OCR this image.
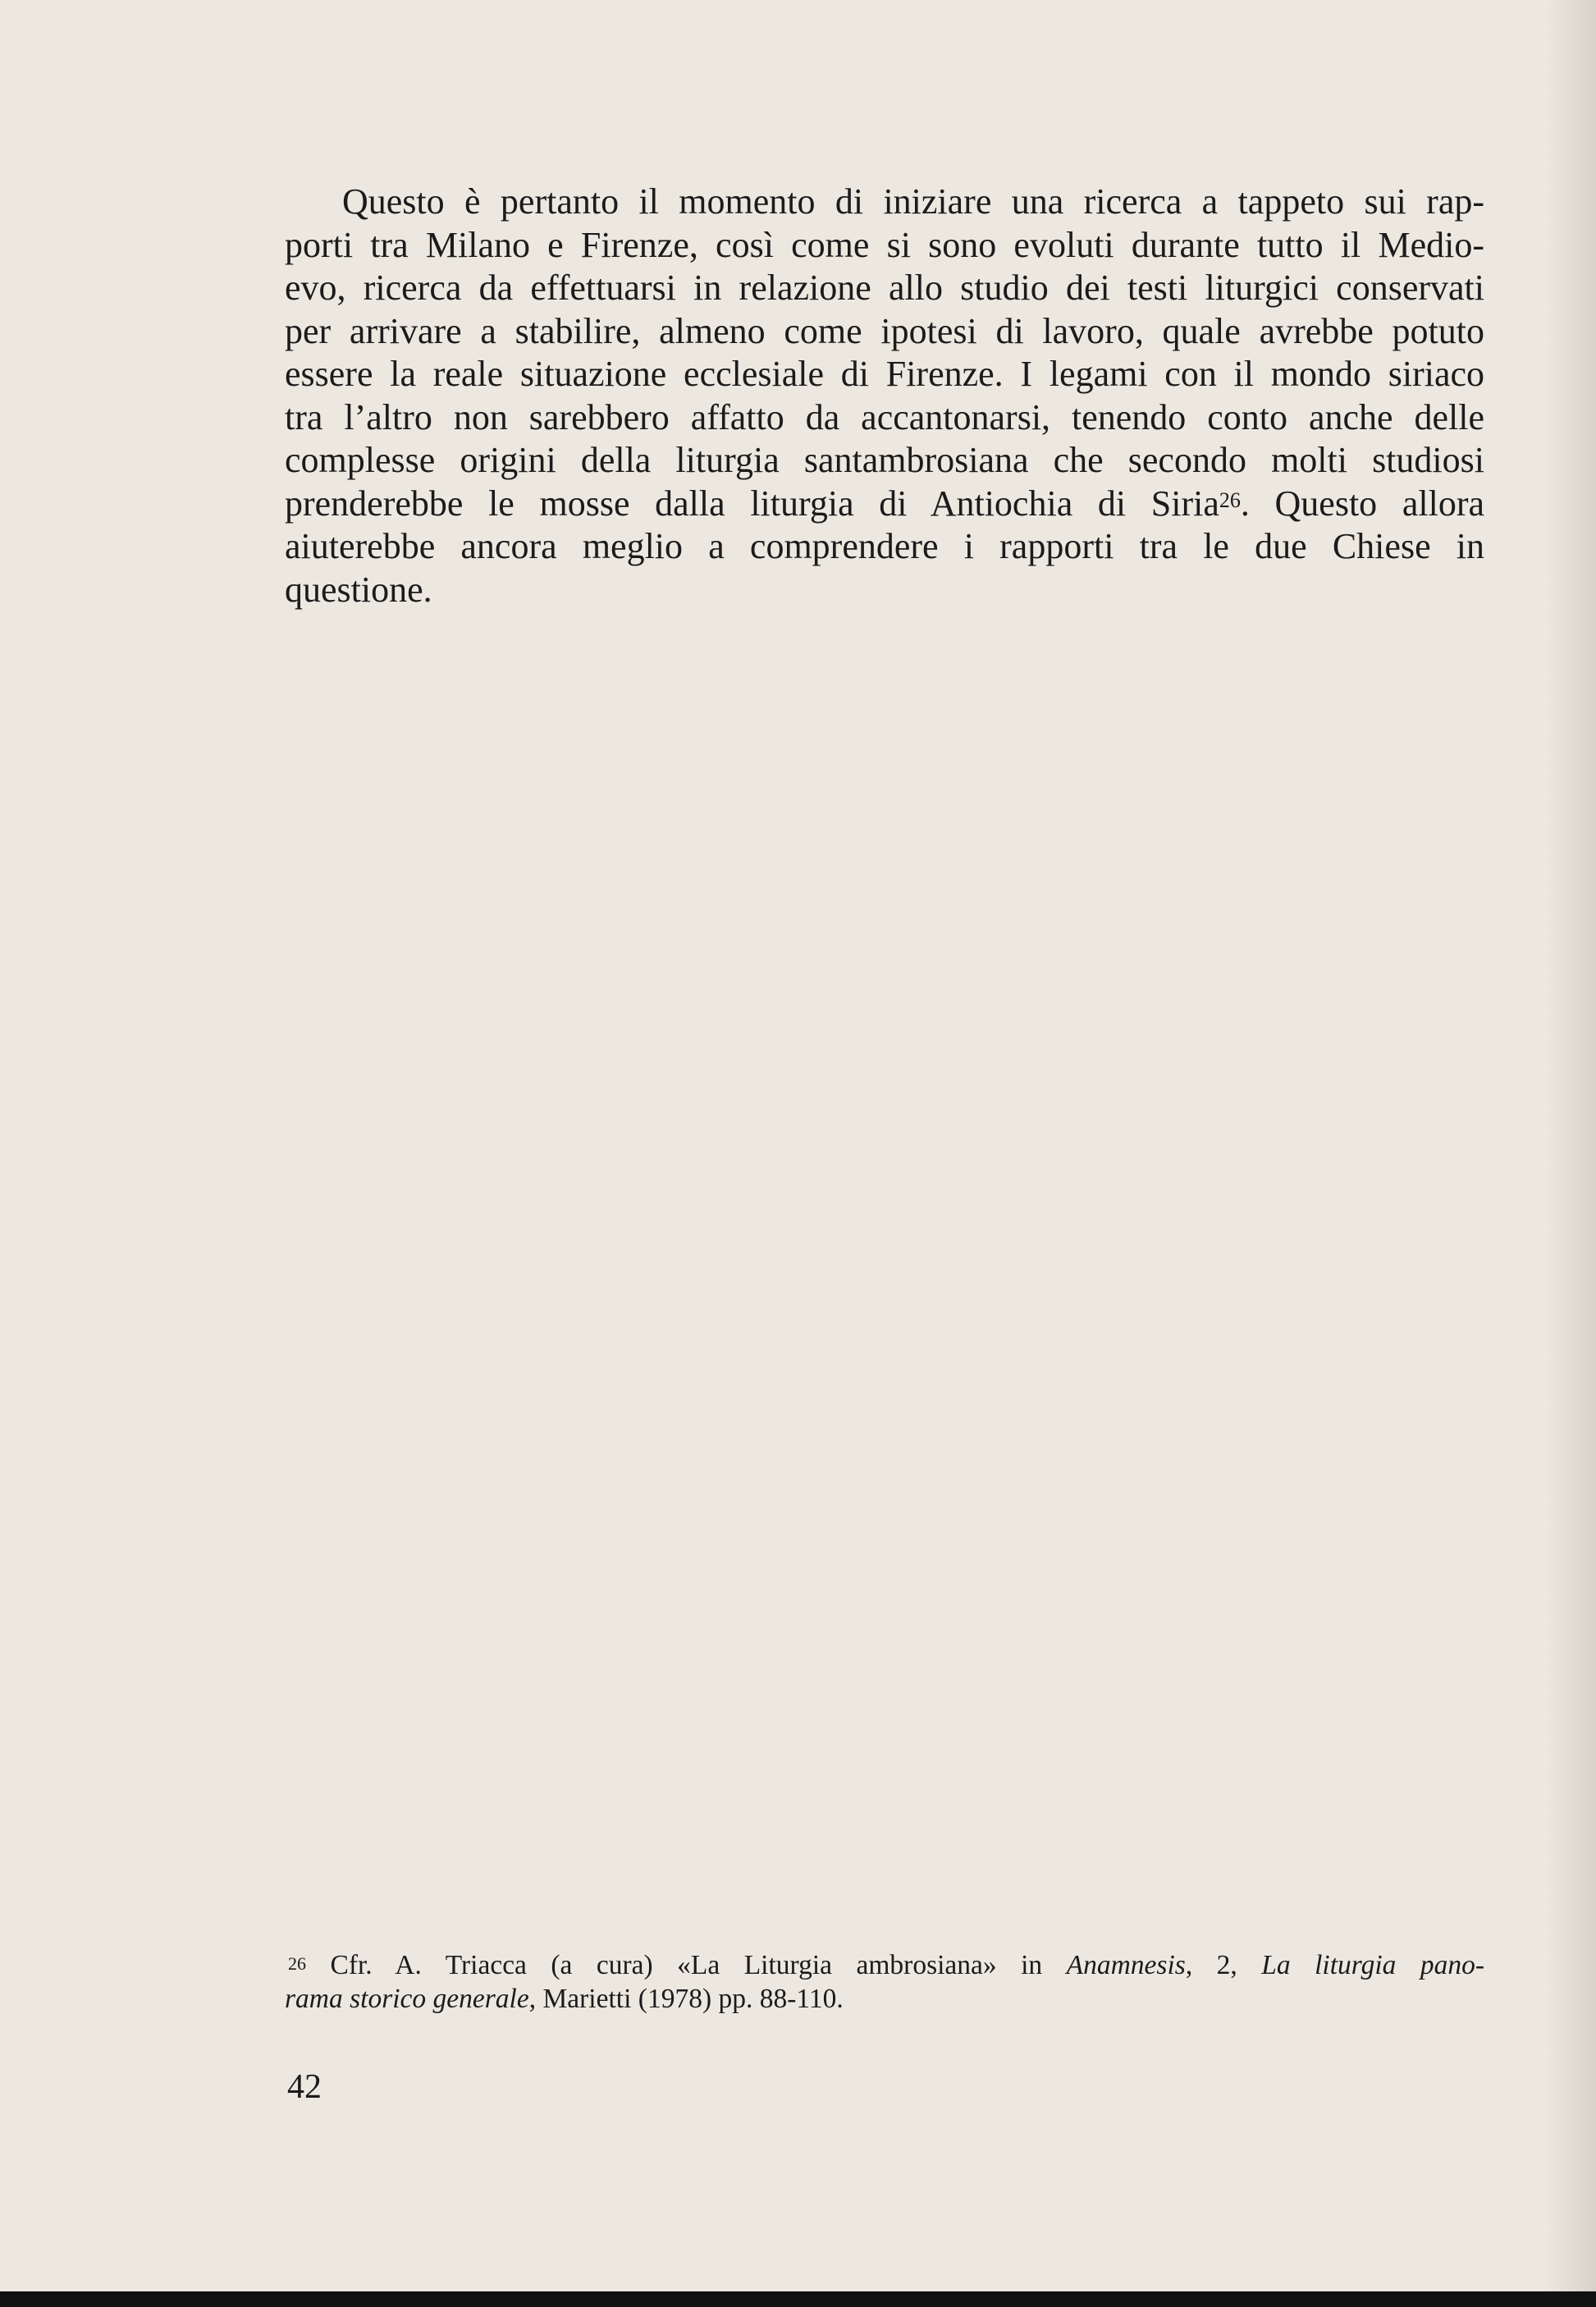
Questo è pertanto il momento di iniziare una ricerca a tappeto sui rap-
porti tra Milano e Firenze, così come si sono evoluti durante tutto il Medio-
evo, ricerca da effettuarsi in relazione allo studio dei testi liturgici conservati
per arrivare a stabilire, almeno come ipotesi di lavoro, quale avrebbe potuto
essere la reale situazione ecclesiale di Firenze. I legami con il mondo siriaco
tra l’altro non sarebbero affatto da accantonarsi, tenendo conto anche delle
complesse origini della liturgia santambrosiana che secondo molti studiosi
prenderebbe le mosse dalla liturgia di Antiochia di Siria$^{26}$. Questo allora
aiuterebbe ancora meglio a comprendere i rapporti tra le due Chiese in
questione.
$^{26}$ Cfr. A. Triacca (a cura) «La Liturgia ambrosiana» in Anamnesis, 2, La liturgia pano-
rama storico generale, Marietti (1978) pp. 88-110.
42
